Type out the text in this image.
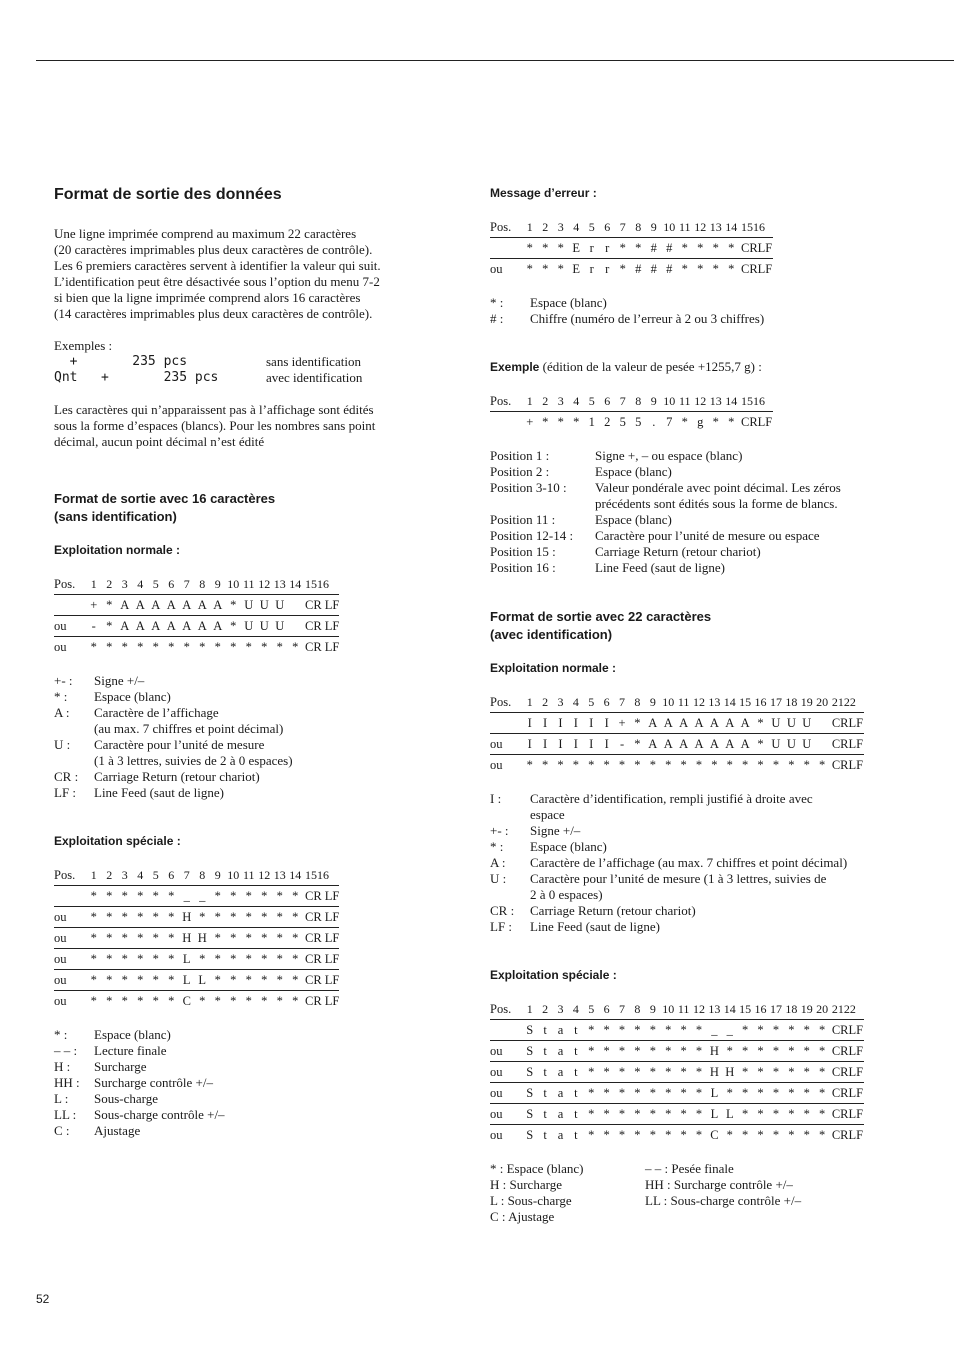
Format de sortie des données

Une ligne imprimée comprend au maximum 22 caractères

(20 caractères imprimables plus deux caractères de contrôle).

Les 6 premiers caractères servent à identifier la valeur qui suit.

L’identification peut être désactivée sous l’option du menu 7-2

si bien que la ligne imprimée comprend alors 16 caractères

(14 caractères imprimables plus deux caractères de contrôle).

Exemples :

+       235 pcs	sans identification
Qnt   +       235 pcs	avec identification

Les caractères qui n’apparaissent pas à l’affichage sont édités

sous la forme d’espaces (blancs). Pour les nombres sans point

décimal, aucun point décimal n’est édité

Format de sortie avec 16 caractères
(sans identification)
Exploitation normale :
Pos.	1	2	3	4	5	6	7	8	9	10	11	12	13	14	1516
	+	*	A	A	A	A	A	A	A	*	U	U	U		CR LF
ou	-	*	A	A	A	A	A	A	A	*	U	U	U		CR LF
ou	*	*	*	*	*	*	*	*	*	*	*	*	*	*	CR LF
+- :	Signe +/–
* :	Espace (blanc)
A :	Caractère de l’affichage
(au max. 7 chiffres et point décimal)
U :	Caractère pour l’unité de mesure
(1 à 3 lettres, suivies de 2 à 0 espaces)
CR :	Carriage Return (retour chariot)
LF :	Line Feed (saut de ligne)
Exploitation spéciale :
Pos.	1	2	3	4	5	6	7	8	9	10	11	12	13	14	1516
	*	*	*	*	*	*	_	_	*	*	*	*	*	*	CR LF
ou	*	*	*	*	*	*	H	*	*	*	*	*	*	*	CR LF
ou	*	*	*	*	*	*	H	H	*	*	*	*	*	*	CR LF
ou	*	*	*	*	*	*	L	*	*	*	*	*	*	*	CR LF
ou	*	*	*	*	*	*	L	L	*	*	*	*	*	*	CR LF
ou	*	*	*	*	*	*	C	*	*	*	*	*	*	*	CR LF
* :	Espace (blanc)
– – :	Lecture finale
H :	Surcharge
HH :	Surcharge contrôle +/–
L :	Sous-charge
LL :	Sous-charge contrôle +/–
C :	Ajustage
Message d’erreur :
Pos.	1	2	3	4	5	6	7	8	9	10	11	12	13	14	1516
	*	*	*	E	r	r	*	*	#	#	*	*	*	*	CRLF
ou	*	*	*	E	r	r	*	#	#	#	*	*	*	*	CRLF
* :	Espace (blanc)
# :	Chiffre (numéro de l’erreur à 2 ou 3 chiffres)
Exemple (édition de la valeur de pesée +1255,7 g) :
Pos.	1	2	3	4	5	6	7	8	9	10	11	12	13	14	1516
	+	*	*	*	1	2	5	5	.	7	*	g	*	*	CRLF
Position 1 :	Signe +, – ou espace (blanc)
Position 2 :	Espace (blanc)
Position 3-10 :	Valeur pondérale avec point décimal. Les zéros
précédents sont édités sous la forme de blancs.
Position 11 :	Espace (blanc)
Position 12-14 :	Caractère pour l’unité de mesure ou espace
Position 15 :	Carriage Return (retour chariot)
Position 16 :	Line Feed (saut de ligne)
Format de sortie avec 22 caractères
(avec identification)
Exploitation normale :
Pos.	1	2	3	4	5	6	7	8	9	10	11	12	13	14	15	16	17	18	19	20	2122
	I	I	I	I	I	I	+	*	A	A	A	A	A	A	A	*	U	U	U		CRLF
ou	I	I	I	I	I	I	-	*	A	A	A	A	A	A	A	*	U	U	U		CRLF
ou	*	*	*	*	*	*	*	*	*	*	*	*	*	*	*	*	*	*	*	*	CRLF
I :	Caractère d’identification, rempli justifié à droite avec
espace
+- :	Signe +/–
* :	Espace (blanc)
A :	Caractère de l’affichage (au max. 7 chiffres et point décimal)
U :	Caractère pour l’unité de mesure (1 à 3 lettres, suivies de
2 à 0 espaces)
CR :	Carriage Return (retour chariot)
LF :	Line Feed (saut de ligne)
Exploitation spéciale :
Pos.	1	2	3	4	5	6	7	8	9	10	11	12	13	14	15	16	17	18	19	20	2122
	S	t	a	t	*	*	*	*	*	*	*	*	_	_	*	*	*	*	*	*	CRLF
ou	S	t	a	t	*	*	*	*	*	*	*	*	H	*	*	*	*	*	*	*	CRLF
ou	S	t	a	t	*	*	*	*	*	*	*	*	H	H	*	*	*	*	*	*	CRLF
ou	S	t	a	t	*	*	*	*	*	*	*	*	L	*	*	*	*	*	*	*	CRLF
ou	S	t	a	t	*	*	*	*	*	*	*	*	L	L	*	*	*	*	*	*	CRLF
ou	S	t	a	t	*	*	*	*	*	*	*	*	C	*	*	*	*	*	*	*	CRLF

* : Espace (blanc)

H : Surcharge

L : Sous-charge

C : Ajustage

– – : Pesée finale

HH : Surcharge contrôle +/–

LL : Sous-charge contrôle +/–

52
